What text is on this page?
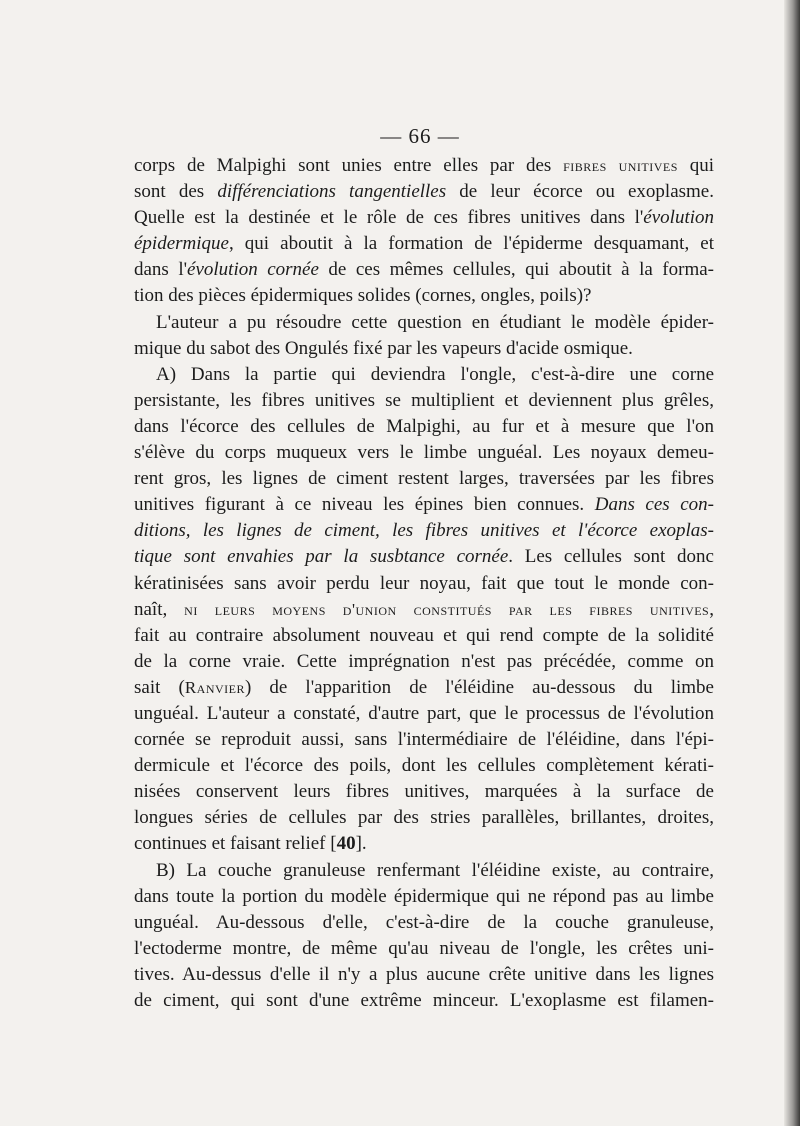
— 66 —
corps de Malpighi sont unies entre elles par des fibres unitives qui
sont des différenciations tangentielles de leur écorce ou exoplasme.
Quelle est la destinée et le rôle de ces fibres unitives dans l'évolution
épidermique, qui aboutit à la formation de l'épiderme desquamant, et
dans l'évolution cornée de ces mêmes cellules, qui aboutit à la forma-
tion des pièces épidermiques solides (cornes, ongles, poils)?
L'auteur a pu résoudre cette question en étudiant le modèle épider-
mique du sabot des Ongulés fixé par les vapeurs d'acide osmique.
A) Dans la partie qui deviendra l'ongle, c'est-à-dire une corne
persistante, les fibres unitives se multiplient et deviennent plus grêles,
dans l'écorce des cellules de Malpighi, au fur et à mesure que l'on
s'élève du corps muqueux vers le limbe unguéal. Les noyaux demeu-
rent gros, les lignes de ciment restent larges, traversées par les fibres
unitives figurant à ce niveau les épines bien connues. Dans ces con-
ditions, les lignes de ciment, les fibres unitives et l'écorce exoplas-
tique sont envahies par la susbtance cornée. Les cellules sont donc
kératinisées sans avoir perdu leur noyau, fait que tout le monde con-
naît, ni leurs moyens d'union constitués par les fibres unitives,
fait au contraire absolument nouveau et qui rend compte de la solidité
de la corne vraie. Cette imprégnation n'est pas précédée, comme on
sait (Ranvier) de l'apparition de l'éléidine au-dessous du limbe
unguéal. L'auteur a constaté, d'autre part, que le processus de l'évolution
cornée se reproduit aussi, sans l'intermédiaire de l'éléidine, dans l'épi-
dermicule et l'écorce des poils, dont les cellules complètement kérati-
nisées conservent leurs fibres unitives, marquées à la surface de
longues séries de cellules par des stries parallèles, brillantes, droites,
continues et faisant relief [40].
B) La couche granuleuse renfermant l'éléidine existe, au contraire,
dans toute la portion du modèle épidermique qui ne répond pas au limbe
unguéal. Au-dessous d'elle, c'est-à-dire de la couche granuleuse,
l'ectoderme montre, de même qu'au niveau de l'ongle, les crêtes uni-
tives. Au-dessus d'elle il n'y a plus aucune crête unitive dans les lignes
de ciment, qui sont d'une extrême minceur. L'exoplasme est filamen-
